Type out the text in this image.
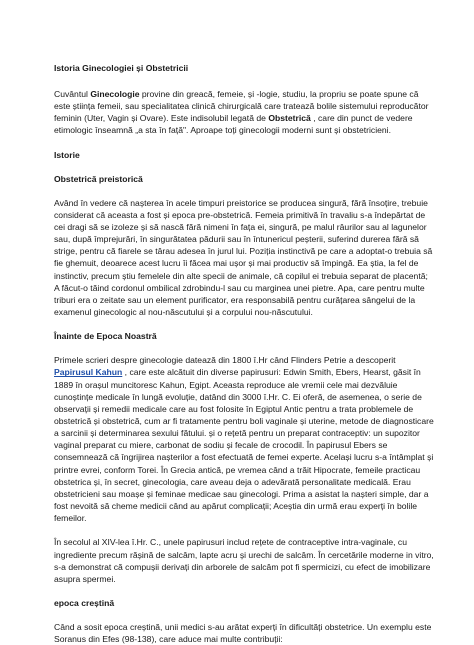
Istoria Ginecologiei și Obstetricii

Cuvântul Ginecologie provine din greacă, femeie, și -logie, studiu, la propriu se poate spune că este știința femeii, sau specialitatea clinică chirurgicală care tratează bolile sistemului reproducător feminin (Uter, Vagin și Ovare). Este indisolubil legată de Obstetrică , care din punct de vedere etimologic înseamnă „a sta în față". Aproape toți ginecologii moderni sunt și obstetricieni.

Istorie
Obstetrică preistorică

Având în vedere că nașterea în acele timpuri preistorice se producea singură, fără însoțire, trebuie considerat că aceasta a fost și epoca pre-obstetrică. Femeia primitivă în travaliu s-a îndepărtat de cei dragi să se izoleze și să nască fără nimeni în fața ei, singură, pe malul râurilor sau al lagunelor sau, după împrejurări, în singurătatea pădurii sau în întunericul peșterii, suferind durerea fără să strige, pentru că fiarele se târau adesea în jurul lui. Poziția instinctivă pe care a adoptat-o trebuia să fie ghemuit, deoarece acest lucru îi făcea mai ușor și mai productiv să împingă. Ea știa, la fel de instinctiv, precum știu femelele din alte specii de animale, că copilul ei trebuia separat de placentă; A făcut-o tăind cordonul ombilical zdrobindu-l sau cu marginea unei pietre. Apa, care pentru multe triburi era o zeitate sau un element purificator, era responsabilă pentru curățarea sângelui de la examenul ginecologic al nou-născutului și a corpului nou-născutului.

Înainte de Epoca Noastră

Primele scrieri despre ginecologie datează din 1800 î.Hr când Flinders Petrie a descoperit Papirusul Kahun , care este alcătuit din diverse papirusuri: Edwin Smith, Ebers, Hearst, găsit în 1889 în orașul muncitoresc Kahun, Egipt. Aceasta reproduce ale vremii cele mai dezvăluie cunoștințe medicale în lungă evoluție, datând din 3000 î.Hr. C. Ei oferă, de asemenea, o serie de observații și remedii medicale care au fost folosite în Egiptul Antic pentru a trata problemele de obstetrică și obstetrică, cum ar fi tratamente pentru boli vaginale și uterine, metode de diagnosticare a sarcinii și determinarea sexului fătului. și o rețetă pentru un preparat contraceptiv: un supozitor vaginal preparat cu miere, carbonat de sodiu și fecale de crocodil. În papirusul Ebers se consemnează că îngrijirea nașterilor a fost efectuată de femei experte. Același lucru s-a întâmplat și printre evrei, conform Torei. În Grecia antică, pe vremea când a trăit Hipocrate, femeile practicau obstetrica și, în secret, ginecologia, care aveau deja o adevărată personalitate medicală. Erau obstetricieni sau moașe și feminae medicae sau ginecologi. Prima a asistat la nașteri simple, dar a fost nevoită să cheme medicii când au apărut complicații; Aceștia din urmă erau experți în bolile femeilor.

În secolul al XIV-lea î.Hr. C., unele papirusuri includ rețete de contraceptive intra-vaginale, cu ingrediente precum rășină de salcâm, lapte acru și urechi de salcâm. În cercetările moderne in vitro, s-a demonstrat că compușii derivați din arborele de salcâm pot fi spermicizi, cu efect de imobilizare asupra spermei.

epoca creștină

Când a sosit epoca creștină, unii medici s-au arătat experți în dificultăți obstetrice. Un exemplu este Soranus din Efes (98-138), care aduce mai multe contribuții:
